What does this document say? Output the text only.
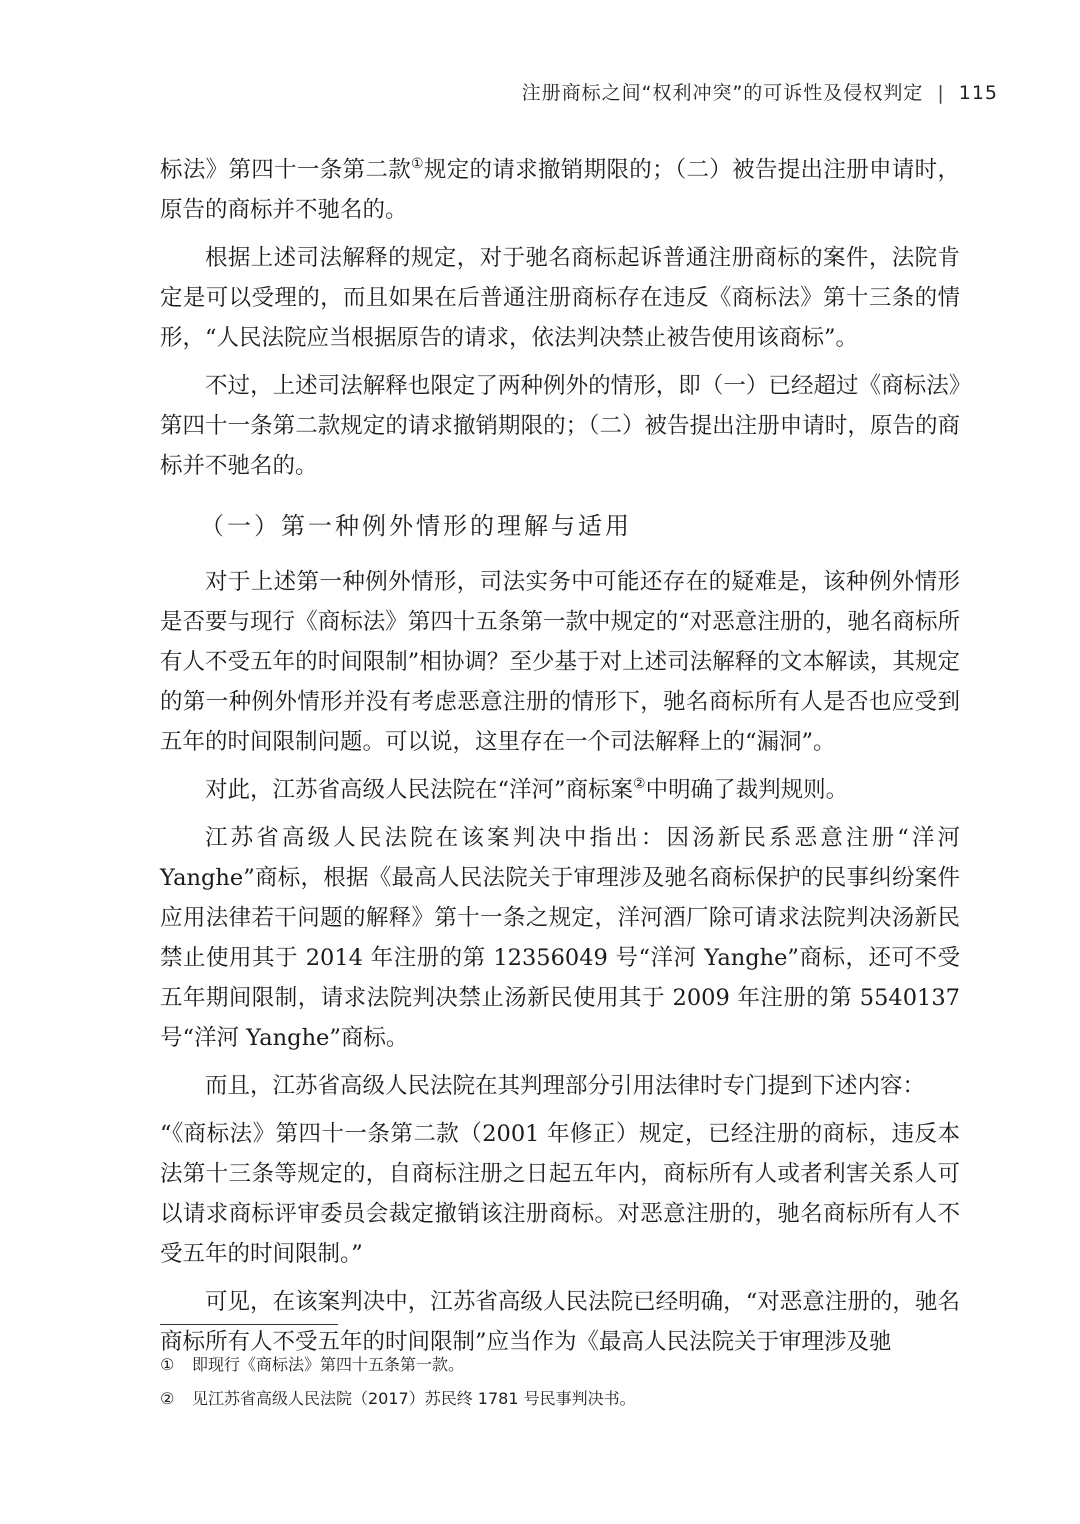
注册商标之间“权利冲突”的可诉性及侵权判定 | 115

标法》第四十一条第二款①规定的请求撤销期限的；（二）被告提出注册申请时，原告的商标并不驰名的。

根据上述司法解释的规定，对于驰名商标起诉普通注册商标的案件，法院肯定是可以受理的，而且如果在后普通注册商标存在违反《商标法》第十三条的情形，“人民法院应当根据原告的请求，依法判决禁止被告使用该商标”。

不过，上述司法解释也限定了两种例外的情形，即（一）已经超过《商标法》第四十一条第二款规定的请求撤销期限的；（二）被告提出注册申请时，原告的商标并不驰名的。

（一）第一种例外情形的理解与适用

对于上述第一种例外情形，司法实务中可能还存在的疑难是，该种例外情形是否要与现行《商标法》第四十五条第一款中规定的“对恶意注册的，驰名商标所有人不受五年的时间限制”相协调？至少基于对上述司法解释的文本解读，其规定的第一种例外情形并没有考虑恶意注册的情形下，驰名商标所有人是否也应受到五年的时间限制问题。可以说，这里存在一个司法解释上的“漏洞”。

对此，江苏省高级人民法院在“洋河”商标案②中明确了裁判规则。

江苏省高级人民法院在该案判决中指出：因汤新民系恶意注册“洋河Yanghe”商标，根据《最高人民法院关于审理涉及驰名商标保护的民事纠纷案件应用法律若干问题的解释》第十一条之规定，洋河酒厂除可请求法院判决汤新民禁止使用其于 2014 年注册的第 12356049 号“洋河 Yanghe”商标，还可不受五年期间限制，请求法院判决禁止汤新民使用其于 2009 年注册的第 5540137 号“洋河 Yanghe”商标。

而且，江苏省高级人民法院在其判理部分引用法律时专门提到下述内容：

“《商标法》第四十一条第二款（2001 年修正）规定，已经注册的商标，违反本法第十三条等规定的，自商标注册之日起五年内，商标所有人或者利害关系人可以请求商标评审委员会裁定撤销该注册商标。对恶意注册的，驰名商标所有人不受五年的时间限制。”

可见，在该案判决中，江苏省高级人民法院已经明确，“对恶意注册的，驰名商标所有人不受五年的时间限制”应当作为《最高人民法院关于审理涉及驰

① 即现行《商标法》第四十五条第一款。
② 见江苏省高级人民法院（2017）苏民终 1781 号民事判决书。
